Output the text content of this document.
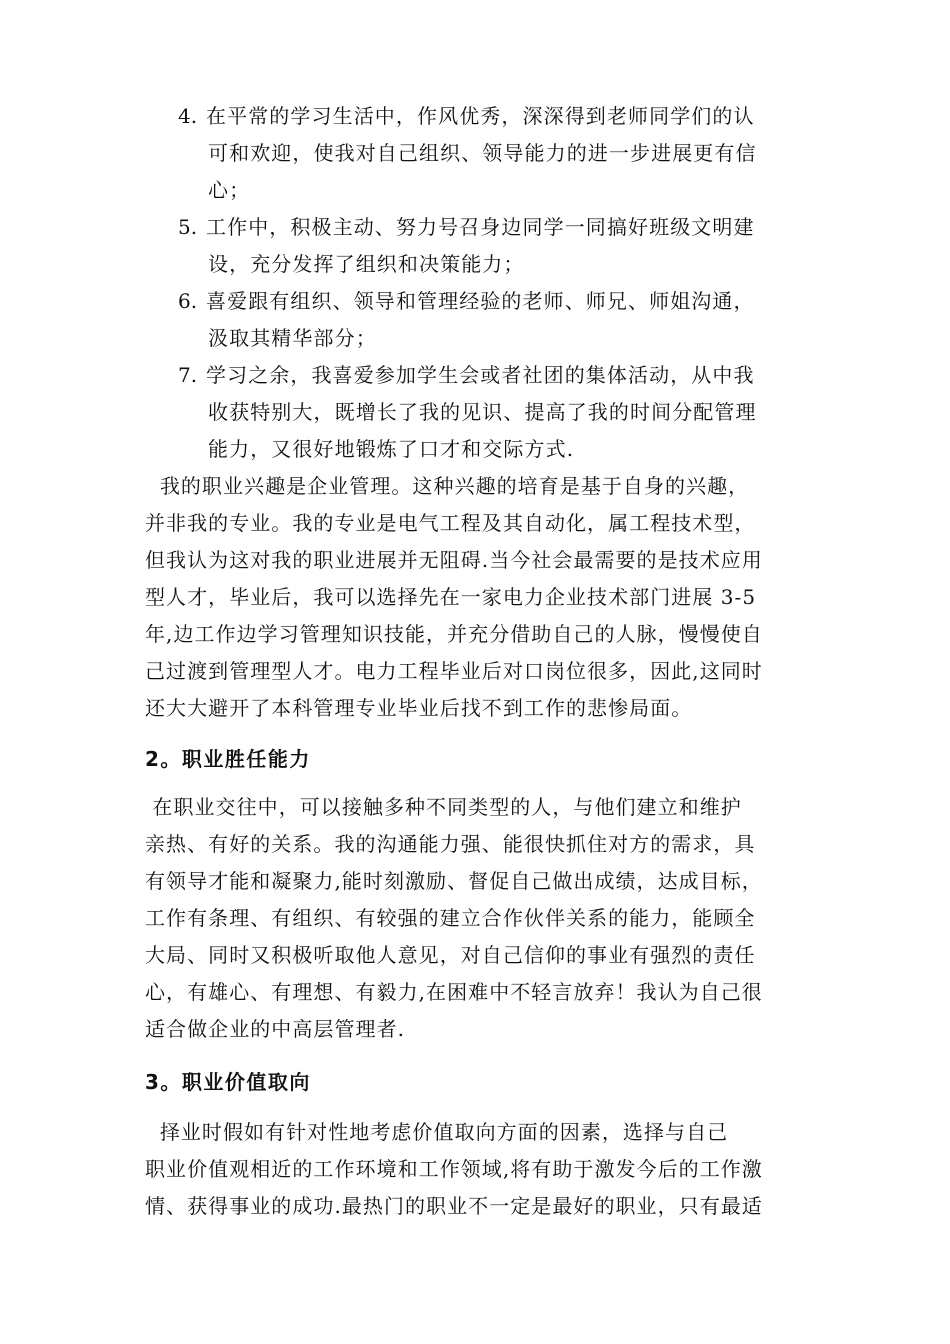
4. 在平常的学习生活中，作风优秀，深深得到老师同学们的认

可和欢迎，使我对自己组织、领导能力的进一步进展更有信

心；

5. 工作中，积极主动、努力号召身边同学一同搞好班级文明建

设，充分发挥了组织和决策能力；

6. 喜爱跟有组织、领导和管理经验的老师、师兄、师姐沟通，

汲取其精华部分；

7. 学习之余，我喜爱参加学生会或者社团的集体活动，从中我

收获特别大，既增长了我的见识、提高了我的时间分配管理

能力，又很好地锻炼了口才和交际方式.

我的职业兴趣是企业管理。这种兴趣的培育是基于自身的兴趣，

并非我的专业。我的专业是电气工程及其自动化，属工程技术型，

但我认为这对我的职业进展并无阻碍.当今社会最需要的是技术应用

型人才，毕业后，我可以选择先在一家电力企业技术部门进展 3-5

年,边工作边学习管理知识技能，并充分借助自己的人脉，慢慢使自

己过渡到管理型人才。电力工程毕业后对口岗位很多，因此,这同时

还大大避开了本科管理专业毕业后找不到工作的悲惨局面。

2。职业胜任能力

在职业交往中，可以接触多种不同类型的人，与他们建立和维护

亲热、有好的关系。我的沟通能力强、能很快抓住对方的需求，具

有领导才能和凝聚力,能时刻激励、督促自己做出成绩，达成目标，

工作有条理、有组织、有较强的建立合作伙伴关系的能力，能顾全

大局、同时又积极听取他人意见，对自己信仰的事业有强烈的责任

心，有雄心、有理想、有毅力,在困难中不轻言放弃！我认为自己很

适合做企业的中高层管理者.

3。职业价值取向

择业时假如有针对性地考虑价值取向方面的因素，选择与自己

职业价值观相近的工作环境和工作领域,将有助于激发今后的工作激

情、获得事业的成功.最热门的职业不一定是最好的职业，只有最适
